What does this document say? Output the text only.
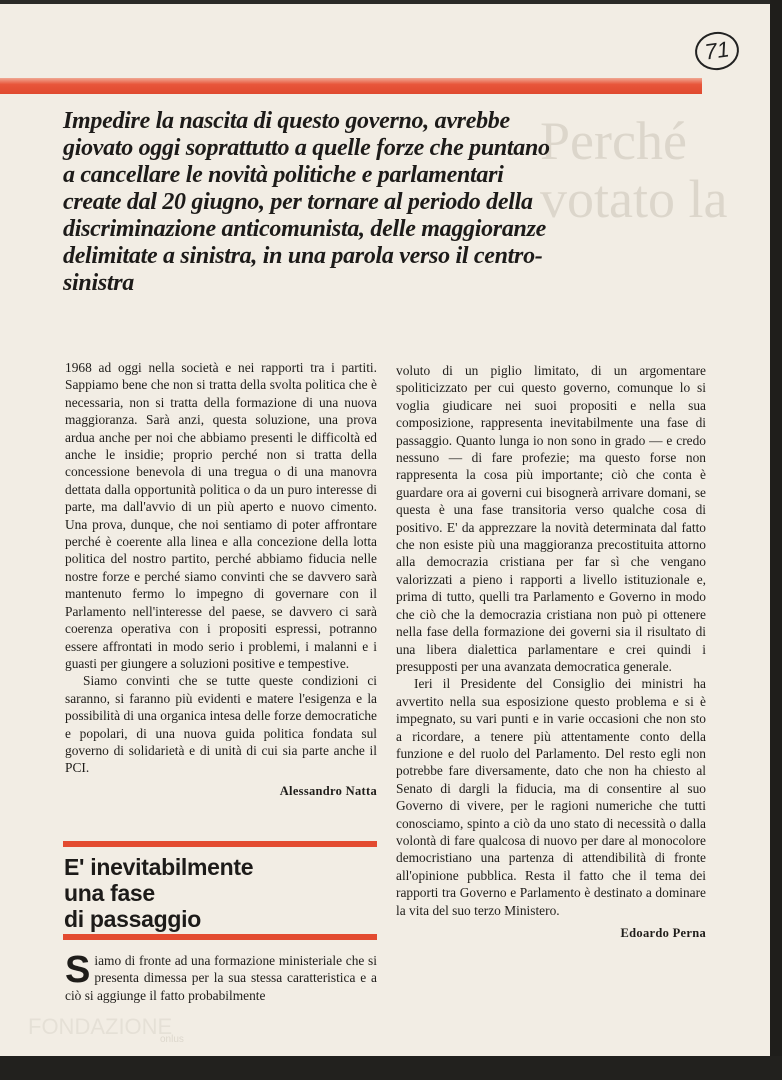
Perché
votato la
71
Impedire la nascita di questo governo, avrebbe giovato oggi soprattutto a quelle forze che puntano a cancellare le novità politiche e parlamentari create dal 20 giugno, per tornare al periodo della discriminazione anticomunista, delle maggioranze delimitate a sinistra, in una parola verso il centro-sinistra

1968 ad oggi nella società e nei rapporti tra i partiti. Sappiamo bene che non si tratta della svolta politica che è necessaria, non si tratta della formazione di una nuova maggioranza. Sarà anzi, questa soluzione, una prova ardua anche per noi che abbiamo presenti le difficoltà ed anche le insidie; proprio perché non si tratta della concessione benevola di una tregua o di una manovra dettata dalla opportunità politica o da un puro interesse di parte, ma dall'avvio di un più aperto e nuovo cimento. Una prova, dunque, che noi sentiamo di poter affrontare perché è coerente alla linea e alla concezione della lotta politica del nostro partito, perché abbiamo fiducia nelle nostre forze e perché siamo convinti che se davvero sarà mantenuto fermo lo impegno di governare con il Parlamento nell'interesse del paese, se davvero ci sarà coerenza operativa con i propositi espressi, potranno essere affrontati in modo serio i problemi, i malanni e i guasti per giungere a soluzioni positive e tempestive.

Siamo convinti che se tutte queste condizioni ci saranno, si faranno più evidenti e matere l'esigenza e la possibilità di una organica intesa delle forze democratiche e popolari, di una nuova guida politica fondata sul governo di solidarietà e di unità di cui sia parte anche il PCI.

Alessandro Natta
E' inevitabilmente
una fase
di passaggio
Siamo di fronte ad una formazione ministeriale che si presenta dimessa per la sua stessa caratteristica e a ciò si aggiunge il fatto probabilmente

voluto di un piglio limitato, di un argomentare spoliticizzato per cui questo governo, comunque lo si voglia giudicare nei suoi propositi e nella sua composizione, rappresenta inevitabilmente una fase di passaggio. Quanto lunga io non sono in grado — e credo nessuno — di fare profezie; ma questo forse non rappresenta la cosa più importante; ciò che conta è guardare ora ai governi cui bisognerà arrivare domani, se questa è una fase transitoria verso qualche cosa di positivo. E' da apprezzare la novità determinata dal fatto che non esiste più una maggioranza precostituita attorno alla democrazia cristiana per far sì che vengano valorizzati a pieno i rapporti a livello istituzionale e, prima di tutto, quelli tra Parlamento e Governo in modo che ciò che la democrazia cristiana non può pi ottenere nella fase della formazione dei governi sia il risultato di una libera dialettica parlamentare e crei quindi i presupposti per una avanzata democratica generale.

Ieri il Presidente del Consiglio dei ministri ha avvertito nella sua esposizione questo problema e si è impegnato, su vari punti e in varie occasioni che non sto a ricordare, a tenere più attentamente conto della funzione e del ruolo del Parlamento. Del resto egli non potrebbe fare diversamente, dato che non ha chiesto al Senato di dargli la fiducia, ma di consentire al suo Governo di vivere, per le ragioni numeriche che tutti conosciamo, spinto a ciò da uno stato di necessità o dalla volontà di fare qualcosa di nuovo per dare al monocolore democristiano una partenza di attendibilità di fronte all'opinione pubblica. Resta il fatto che il tema dei rapporti tra Governo e Parlamento è destinato a dominare la vita del suo terzo Ministero.

Edoardo Perna
FONDAZIONE
onlus
